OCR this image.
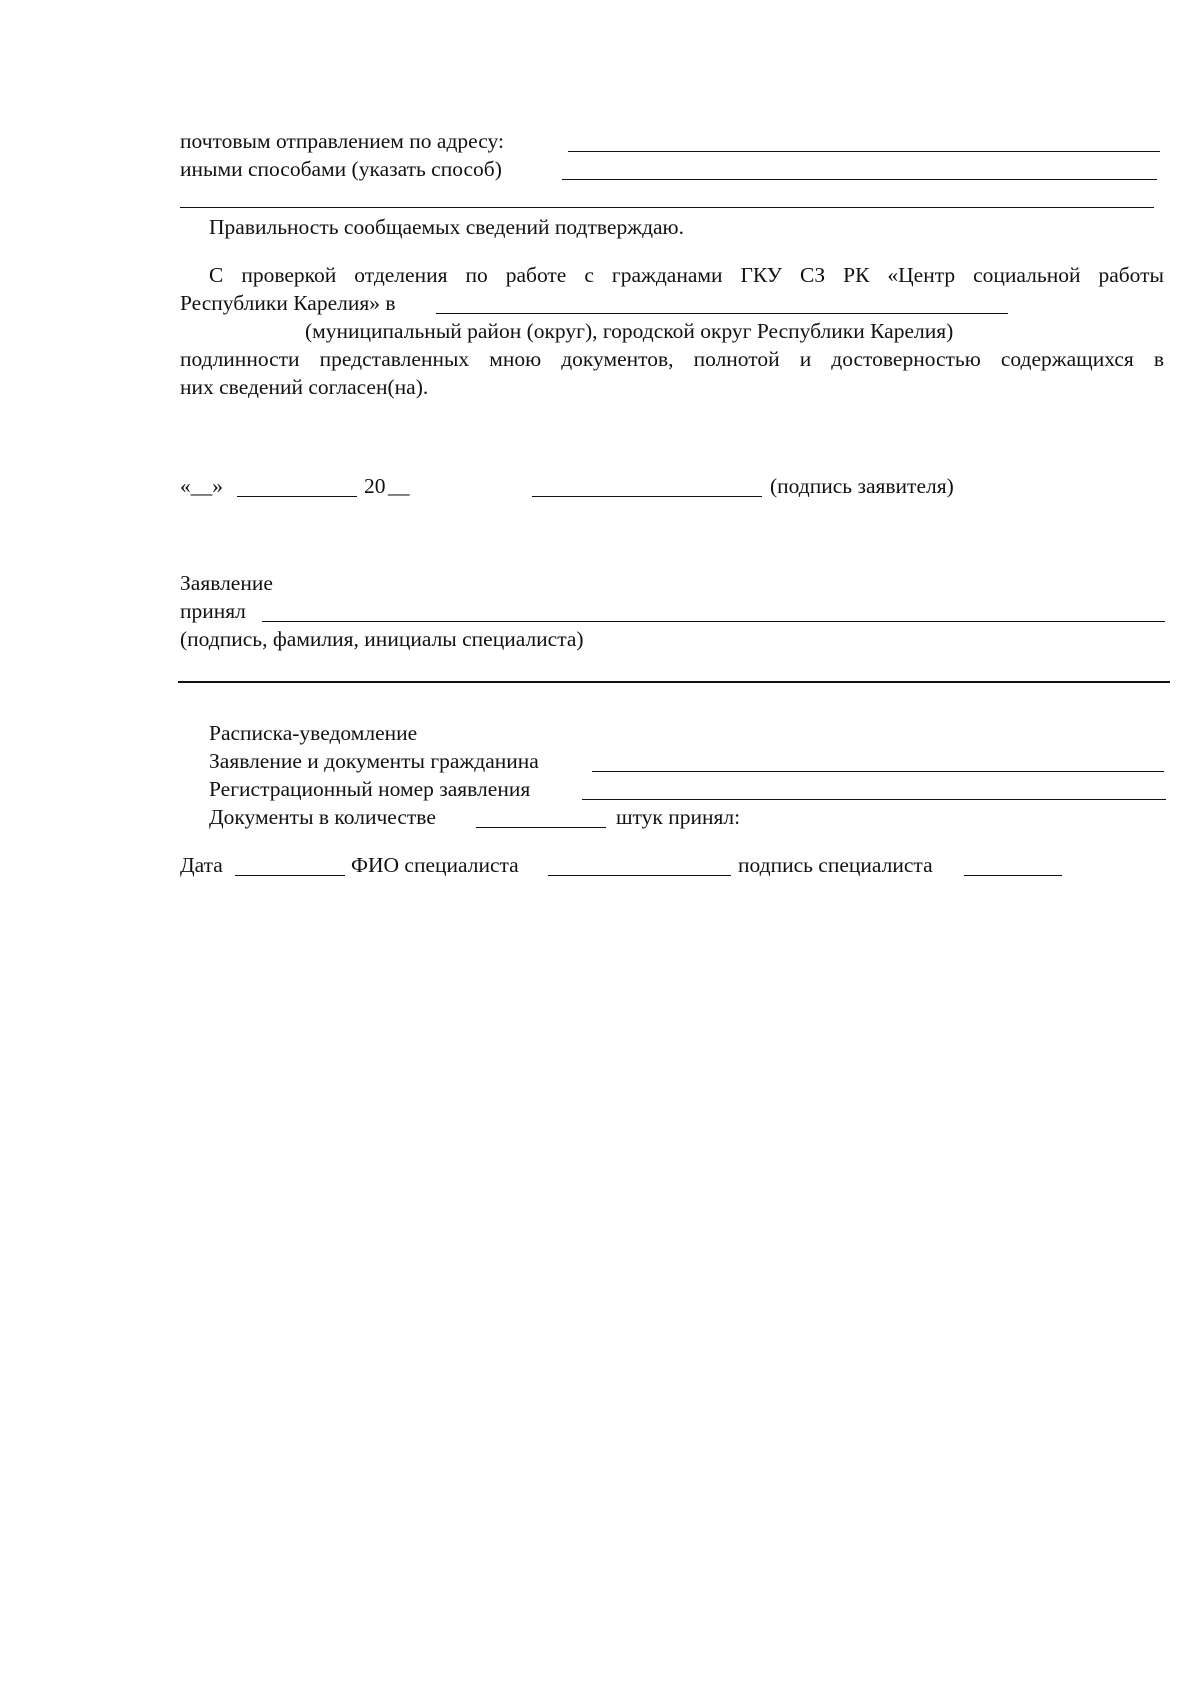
почтовым отправлением по адресу:
иными способами (указать способ)
Правильность сообщаемых сведений подтверждаю.
С проверкой отделения по работе с гражданами ГКУ СЗ РК «Центр социальной работы
Республики Карелия» в
(муниципальный район (округ), городской округ Республики Карелия)
подлинности представленных мною документов, полнотой и достоверностью содержащихся в
них сведений согласен(на).
«__»	20 __	(подпись заявителя)
Заявление
принял
(подпись, фамилия, инициалы специалиста)
Расписка-уведомление
Заявление и документы гражданина
Регистрационный номер заявления
Документы в количестве	штук принял:
Дата	ФИО специалиста	подпись специалиста
